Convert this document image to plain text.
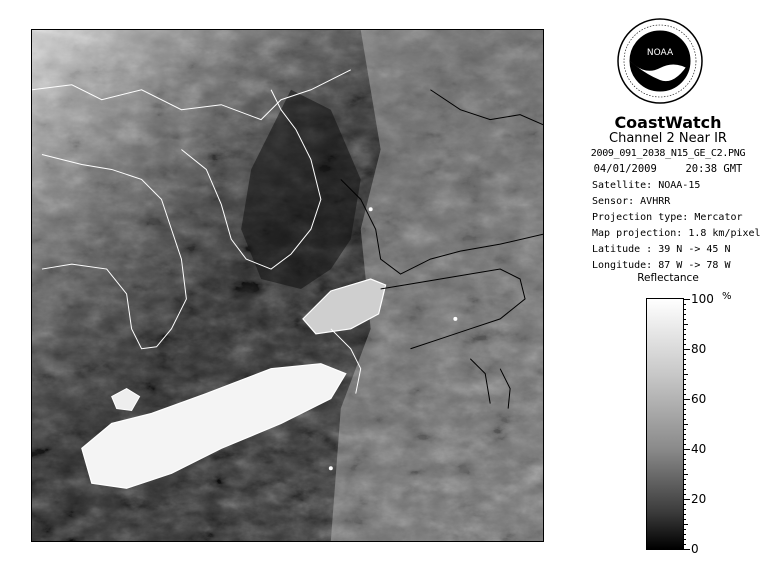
NOAA
CoastWatch
Channel 2 Near IR
2009_091_2038_N15_GE_C2.PNG
04/01/2009	20:38 GMT
Satellite: NOAA-15
Sensor: AVHRR
Projection type: Mercator
Map projection: 1.8 km/pixel
Latitude : 39 N -> 45 N
Longitude: 87 W -> 78 W
Reflectance
%
100
80
60
40
20
0
